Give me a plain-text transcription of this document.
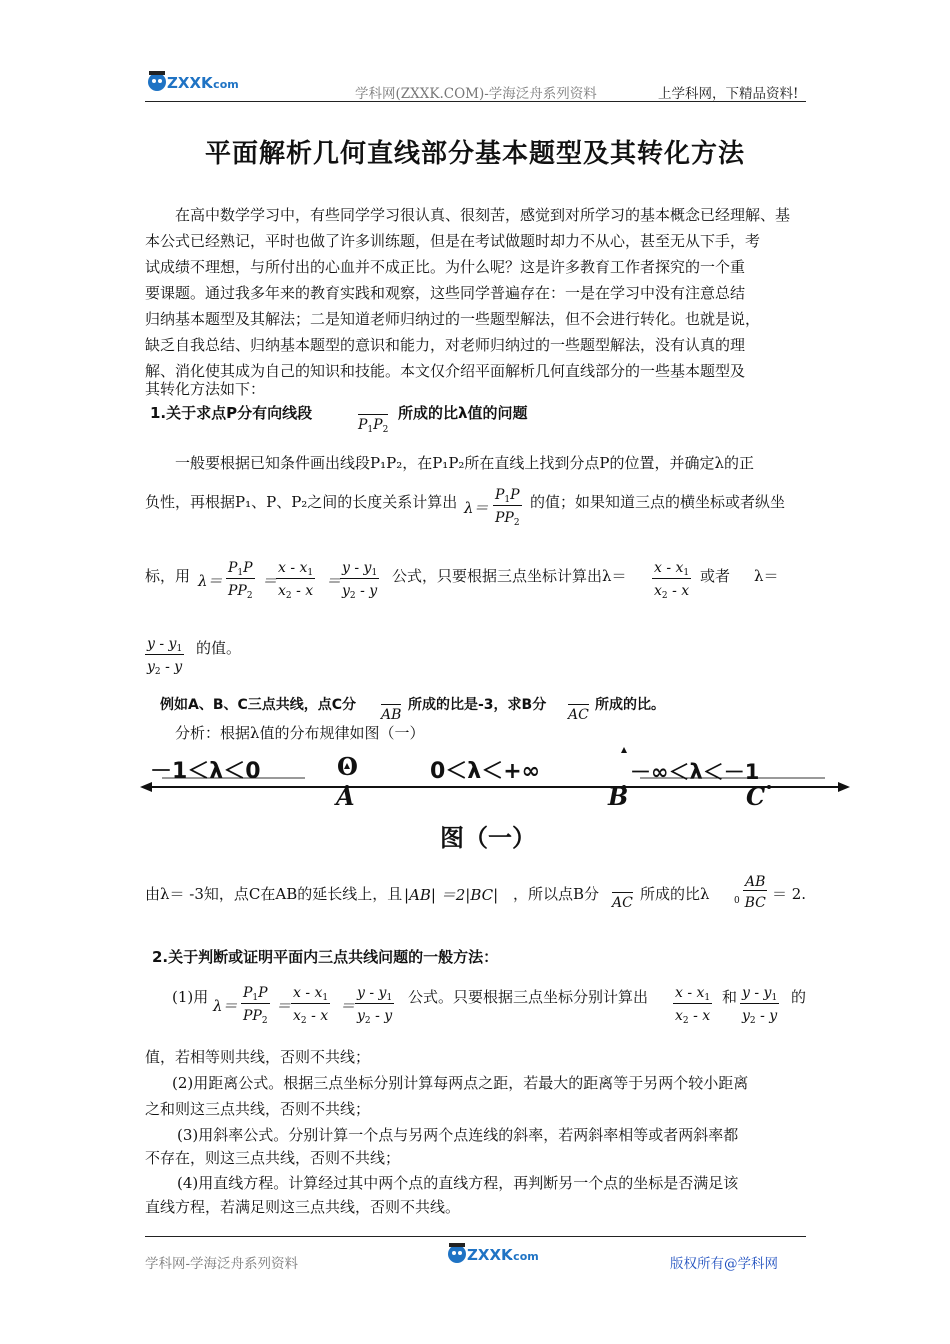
ZXXK
.com
学科网(ZXXK.COM)-学海泛舟系列资料	上学科网，下精品资料!
平面解析几何直线部分基本题型及其转化方法
在高中数学学习中，有些同学学习很认真、很刻苦，感觉到对所学习的基本概念已经理解、基
本公式已经熟记，平时也做了许多训练题，但是在考试做题时却力不从心，甚至无从下手，考
试成绩不理想，与所付出的心血并不成正比。为什么呢？这是许多教育工作者探究的一个重
要课题。通过我多年来的教育实践和观察，这些同学普遍存在：一是在学习中没有注意总结
归纳基本题型及其解法；二是知道老师归纳过的一些题型解法，但不会进行转化。也就是说，
缺乏自我总结、归纳基本题型的意识和能力，对老师归纳过的一些题型解法，没有认真的理
解、消化使其成为自己的知识和技能。本文仅介绍平面解析几何直线部分的一些基本题型及
其转化方法如下：
1.关于求点P分有向线段
$P_1P_2$
所成的比λ值的问题
一般要根据已知条件画出线段P₁P₂，在P₁P₂所在直线上找到分点P的位置，并确定λ的正
负性，再根据P₁、P、P₂之间的长度关系计算出 $\lambda= \frac{P_1P}{PP_2}$ 的值；如果知道三点的横坐标或者纵坐
标，用 $\lambda= \frac{P_1P}{PP_2}$ ＝
$\frac{x - x_1}{x_2 - x}$ ＝
$\frac{y - y_1}{y_2 - y}$ 公式，只要根据三点坐标计算出$\lambda= \frac{x - x_1}{x_2 - x}$ 或者 λ＝
$\frac{y - y_1}{y_2 - y}$ 的值。
例如A、B、C三点共线，点C分
AB
所成的比是-3，求B分
AC
所成的比。
分析：根据λ值的分布规律如图（一）
－1＜λ＜0	O	0＜λ＜+∞	－∞＜λ＜－1
A	B	C
图（一）
由λ＝ -3知，点C在AB的延长线上，且 |AB| ＝2|BC| ，所以点B分 AC 所成的比λ	$0 \frac{AB}{BC} = 2$.
2.关于判断或证明平面内三点共线问题的一般方法：
(1)用 $\lambda= \frac{P_1P}{PP_2} = \frac{x - x_1}{x_2 - x} = \frac{y - y_1}{y_2 - y}$ 公式。只要根据三点坐标分别计算出 $\frac{x - x_1}{x_2 - x}$ 和 $\frac{y - y_1}{y_2 - y}$ 的
值，若相等则共线，否则不共线；
(2)用距离公式。根据三点坐标分别计算每两点之距，若最大的距离等于另两个较小距离
之和则这三点共线，否则不共线；
(3)用斜率公式。分别计算一个点与另两个点连线的斜率，若两斜率相等或者两斜率都
不存在，则这三点共线，否则不共线；
(4)用直线方程。计算经过其中两个点的直线方程，再判断另一个点的坐标是否满足该
直线方程，若满足则这三点共线，否则不共线。
学科网-学海泛舟系列资料	ZXXK
.com	版权所有@学科网
